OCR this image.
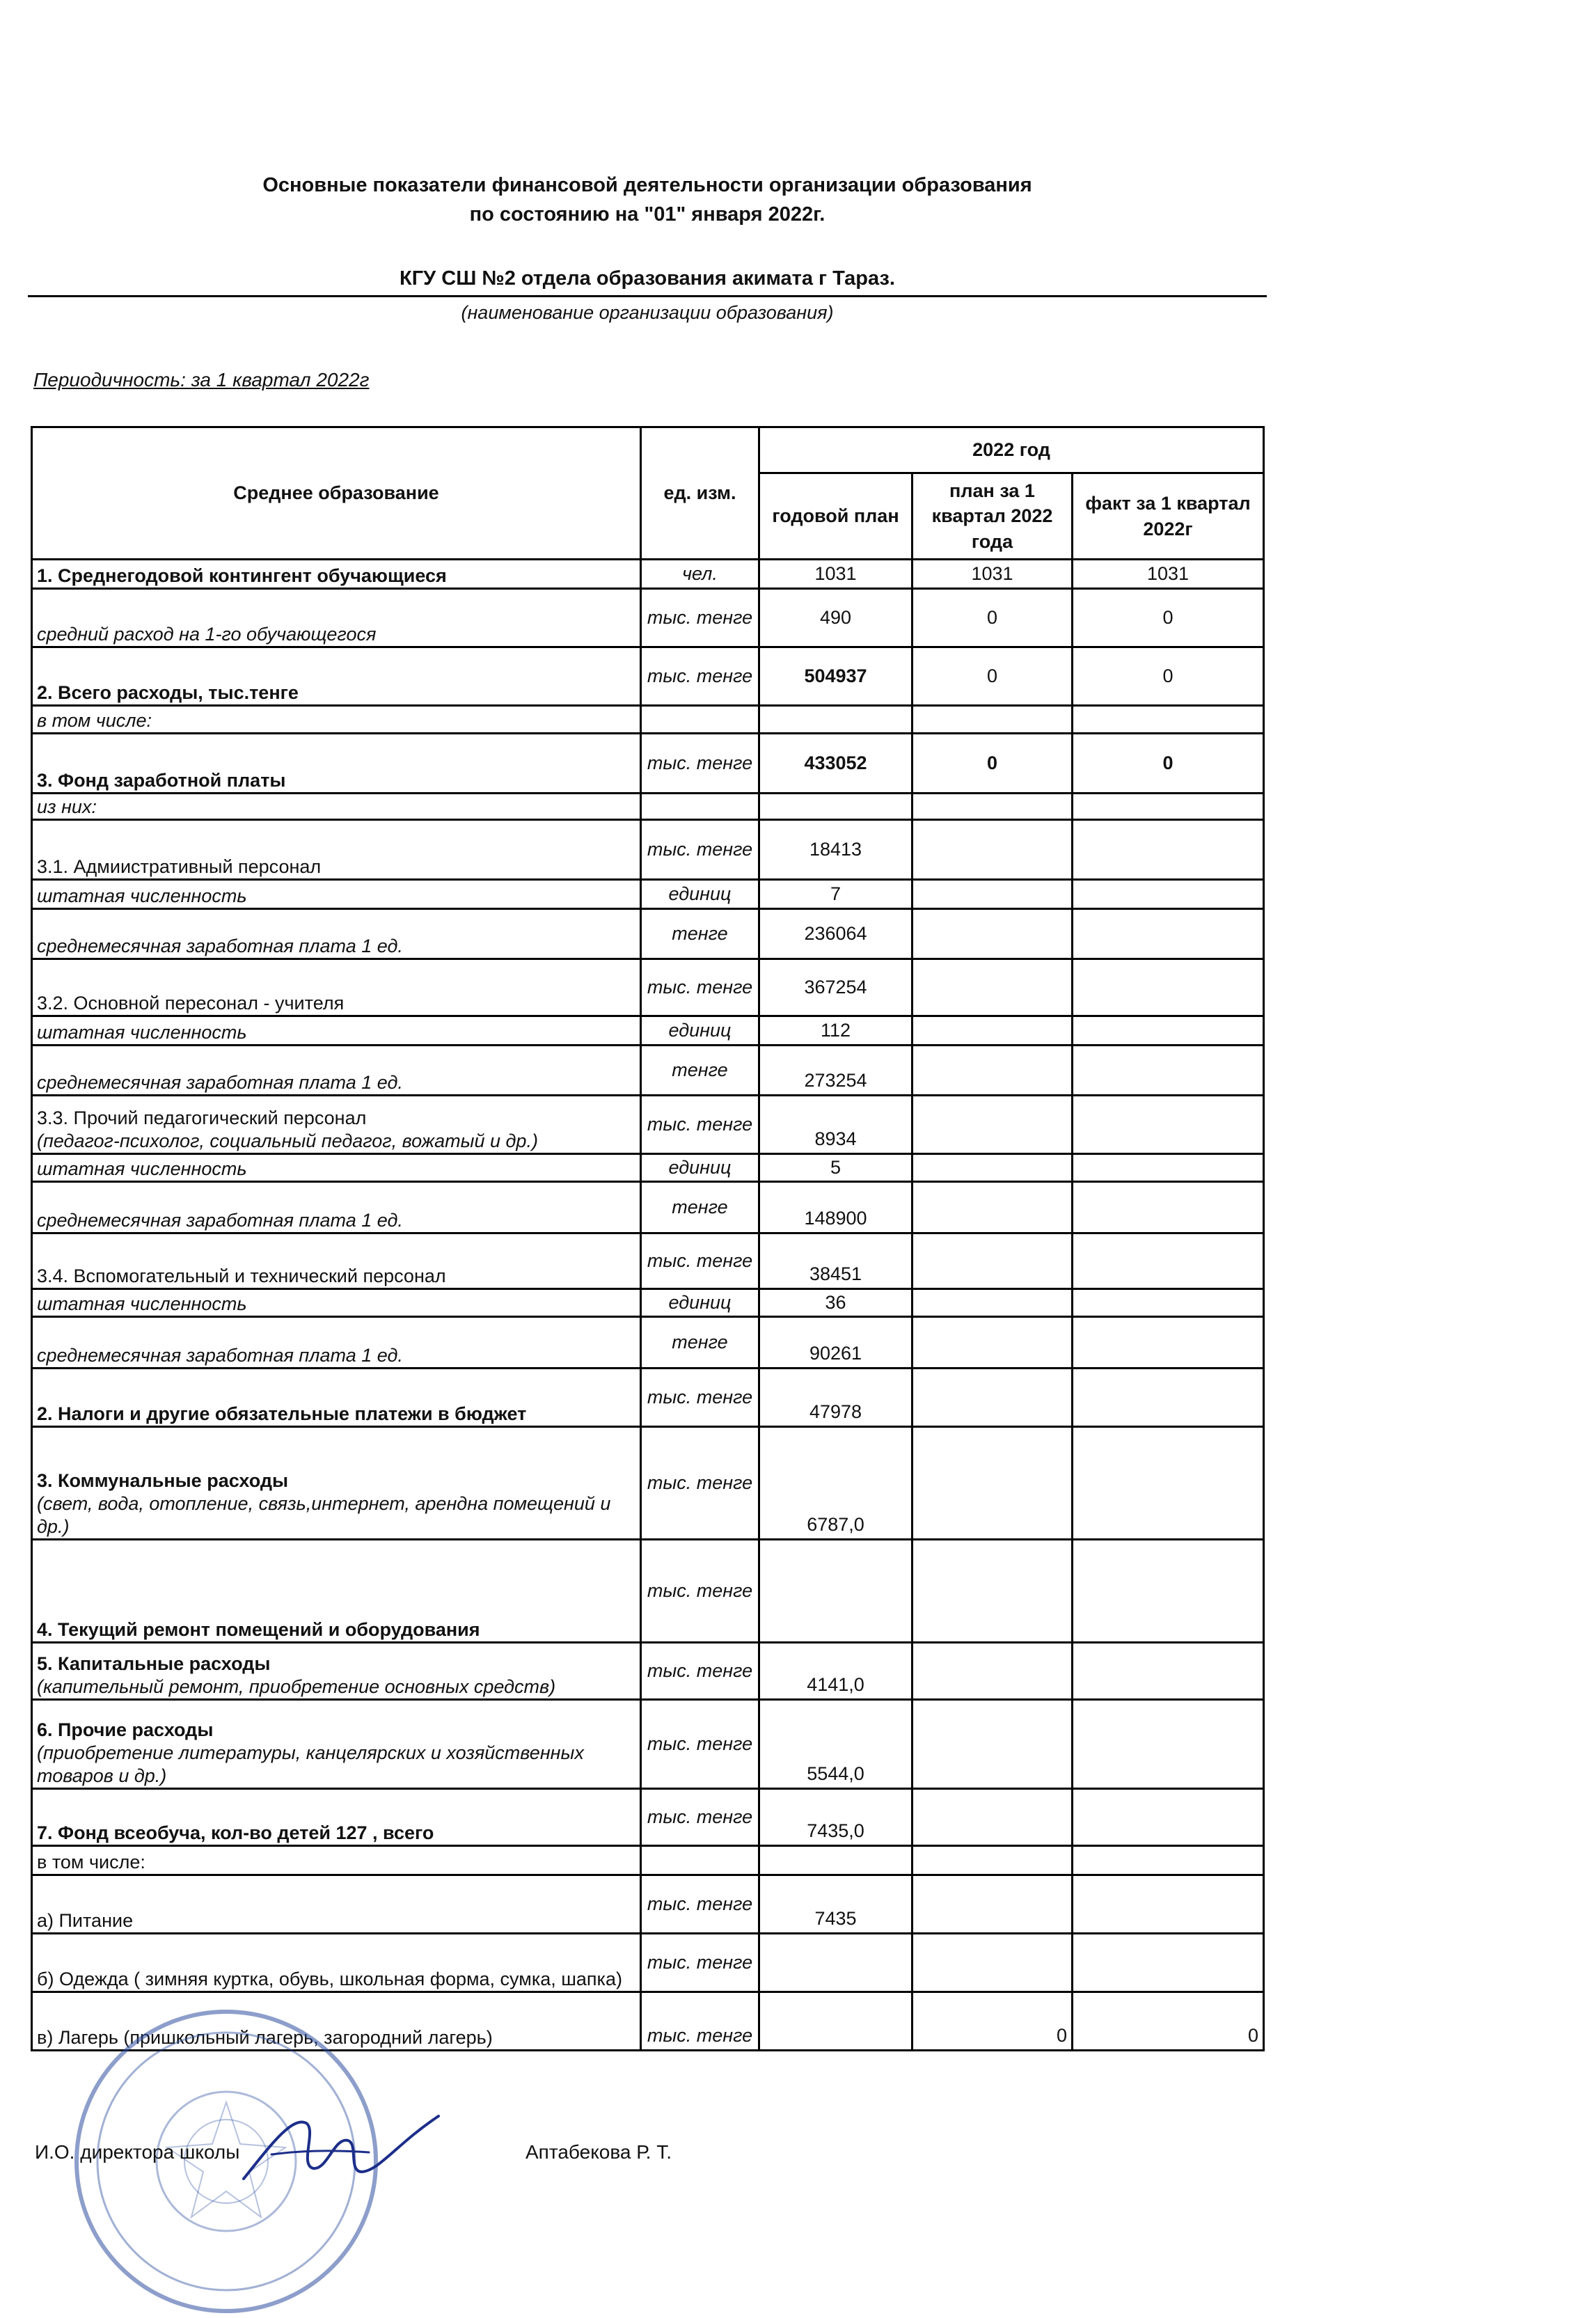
Основные показатели финансовой деятельности организации образования
по состоянию на "01" января 2022г.
КГУ СШ №2 отдела образования акимата г Тараз.
(наименование организации образования)
Периодичность: за 1 квартал 2022г
Среднее образование	ед. изм.	2022 год		
		годовой план	план за 1 квартал 2022 года	факт за 1 квартал 2022г
1. Среднегодовой контингент обучающиеся	чел.	1031	1031	1031
средний расход на 1-го обучающегося	тыс. тенге	490	0	0
2. Всего расходы, тыс.тенге	тыс. тенге	504937	0	0
в том числе:				
3. Фонд заработной платы	тыс. тенге	433052	0	0
из них:				
3.1. Адмиистративный персонал	тыс. тенге	18413		
штатная численность	единиц	7		
среднемесячная заработная плата 1 ед.	тенге	236064		
3.2. Основной пересонал - учителя	тыс. тенге	367254		
штатная численность	единиц	112		
среднемесячная заработная плата 1 ед.	тенге	273254		

3.3. Прочий педагогический персонал
(педагог-психолог, социальный педагог, вожатый и др.)	тыс. тенге	8934		
штатная численность	единиц	5		
среднемесячная заработная плата 1 ед.	тенге	148900		
3.4. Вспомогательный и технический персонал	тыс. тенге	38451		
штатная численность	единиц	36		
среднемесячная заработная плата 1 ед.	тенге	90261		
2. Налоги и другие обязательные платежи в бюджет	тыс. тенге	47978		

3. Коммунальные расходы
(свет, вода, отопление, связь,интернет, арендна помещений и др.)	тыс. тенге	6787,0		
4. Текущий ремонт помещений и оборудования	тыс. тенге			

5. Капитальные расходы
(капительный ремонт, приобретение основных средств)	тыс. тенге	4141,0		

6. Прочие расходы
(приобретение литературы, канцелярских и хозяйственных товаров и др.)	тыс. тенге	5544,0		
7. Фонд всеобуча, кол-во детей 127 , всего	тыс. тенге	7435,0		
в том числе:				
а) Питание	тыс. тенге	7435		
б) Одежда ( зимняя куртка, обувь, школьная форма, сумка, шапка)	тыс. тенге			
в) Лагерь (пришкольный лагерь, загородний лагерь)	тыс. тенге		0	0
И.О. директора школы	Аптабекова Р. Т.
